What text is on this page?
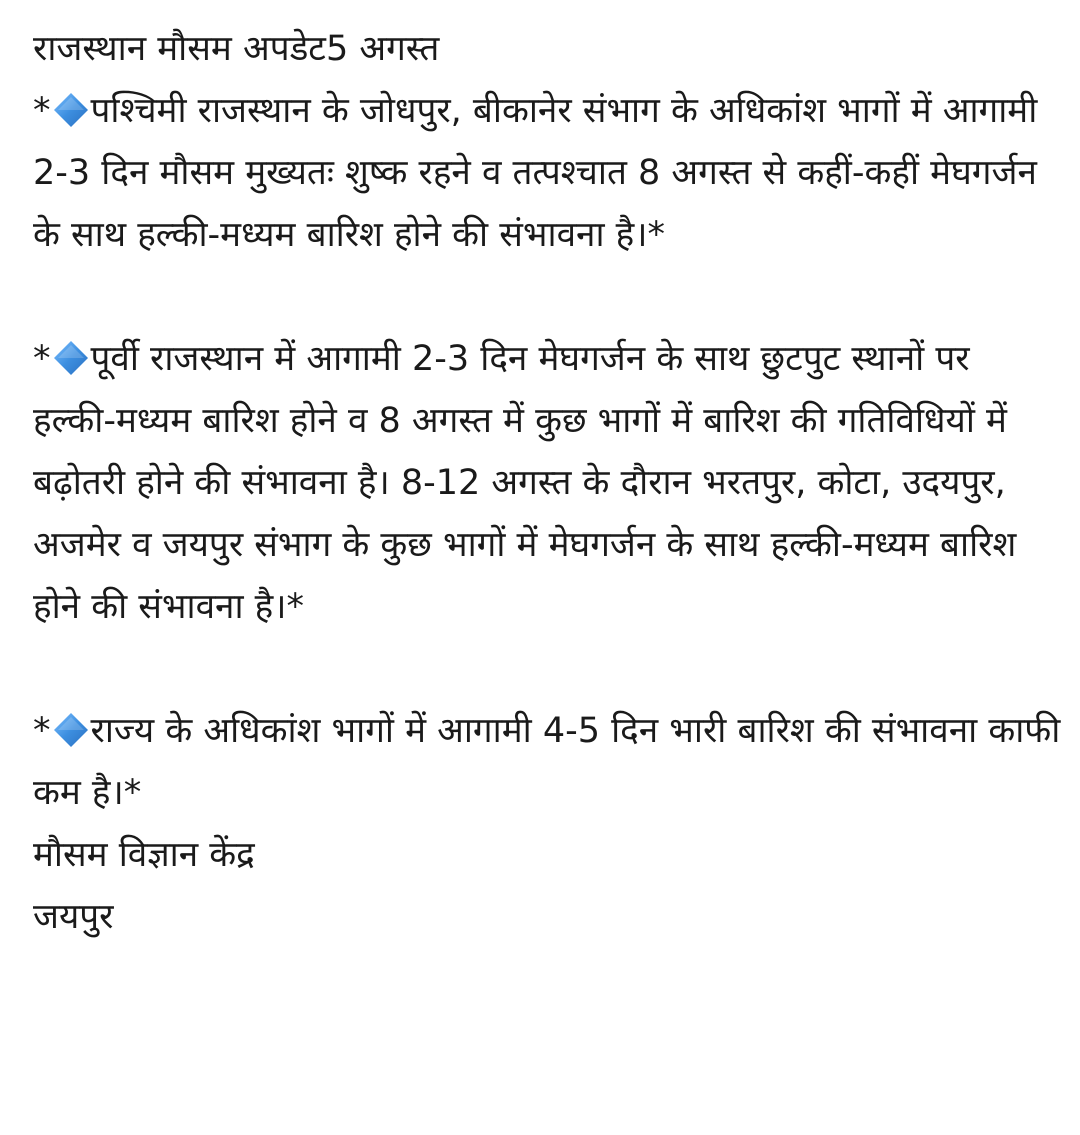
राजस्थान मौसम अपडेट5 अगस्त

* पश्चिमी राजस्थान के जोधपुर, बीकानेर संभाग के अधिकांश भागों में आगामी 2-3 दिन मौसम मुख्यतः शुष्क रहने व तत्पश्चात 8 अगस्त से कहीं-कहीं मेघगर्जन के साथ हल्की-मध्यम बारिश होने की संभावना है।*

* पूर्वी राजस्थान में आगामी 2-3 दिन मेघगर्जन के साथ छुटपुट स्थानों पर हल्की-मध्यम बारिश होने व 8 अगस्त में कुछ भागों में बारिश की गतिविधियों में बढ़ोतरी होने की संभावना है। 8-12 अगस्त के दौरान भरतपुर, कोटा, उदयपुर, अजमेर व जयपुर संभाग के कुछ भागों में मेघगर्जन के साथ हल्की-मध्यम बारिश होने की संभावना है।*

* राज्य के अधिकांश भागों में आगामी 4-5 दिन भारी बारिश की संभावना काफी कम है।*

मौसम विज्ञान केंद्र

जयपुर
